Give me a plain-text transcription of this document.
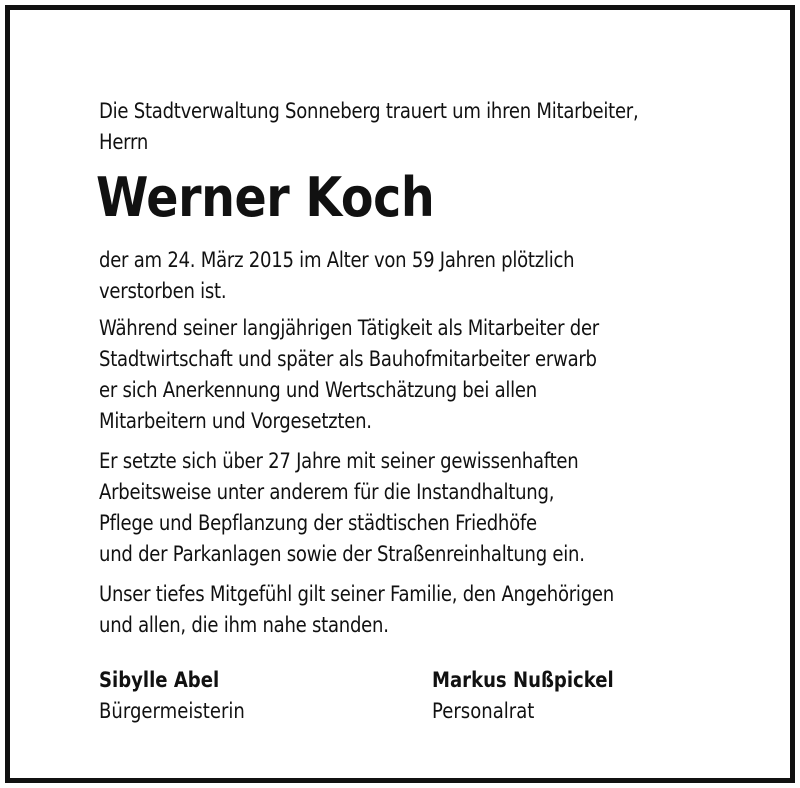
Die Stadtverwaltung Sonneberg trauert um ihren Mitarbeiter,
Herrn
Werner Koch
der am 24. März 2015 im Alter von 59 Jahren plötzlich
verstorben ist.
Während seiner langjährigen Tätigkeit als Mitarbeiter der
Stadtwirtschaft und später als Bauhofmitarbeiter erwarb
er sich Anerkennung und Wertschätzung bei allen
Mitarbeitern und Vorgesetzten.
Er setzte sich über 27 Jahre mit seiner gewissenhaften
Arbeitsweise unter anderem für die Instandhaltung,
Pflege und Bepflanzung der städtischen Friedhöfe
und der Parkanlagen sowie der Straßenreinhaltung ein.
Unser tiefes Mitgefühl gilt seiner Familie, den Angehörigen
und allen, die ihm nahe standen.
Sibylle Abel
Bürgermeisterin
Markus Nußpickel
Personalrat
